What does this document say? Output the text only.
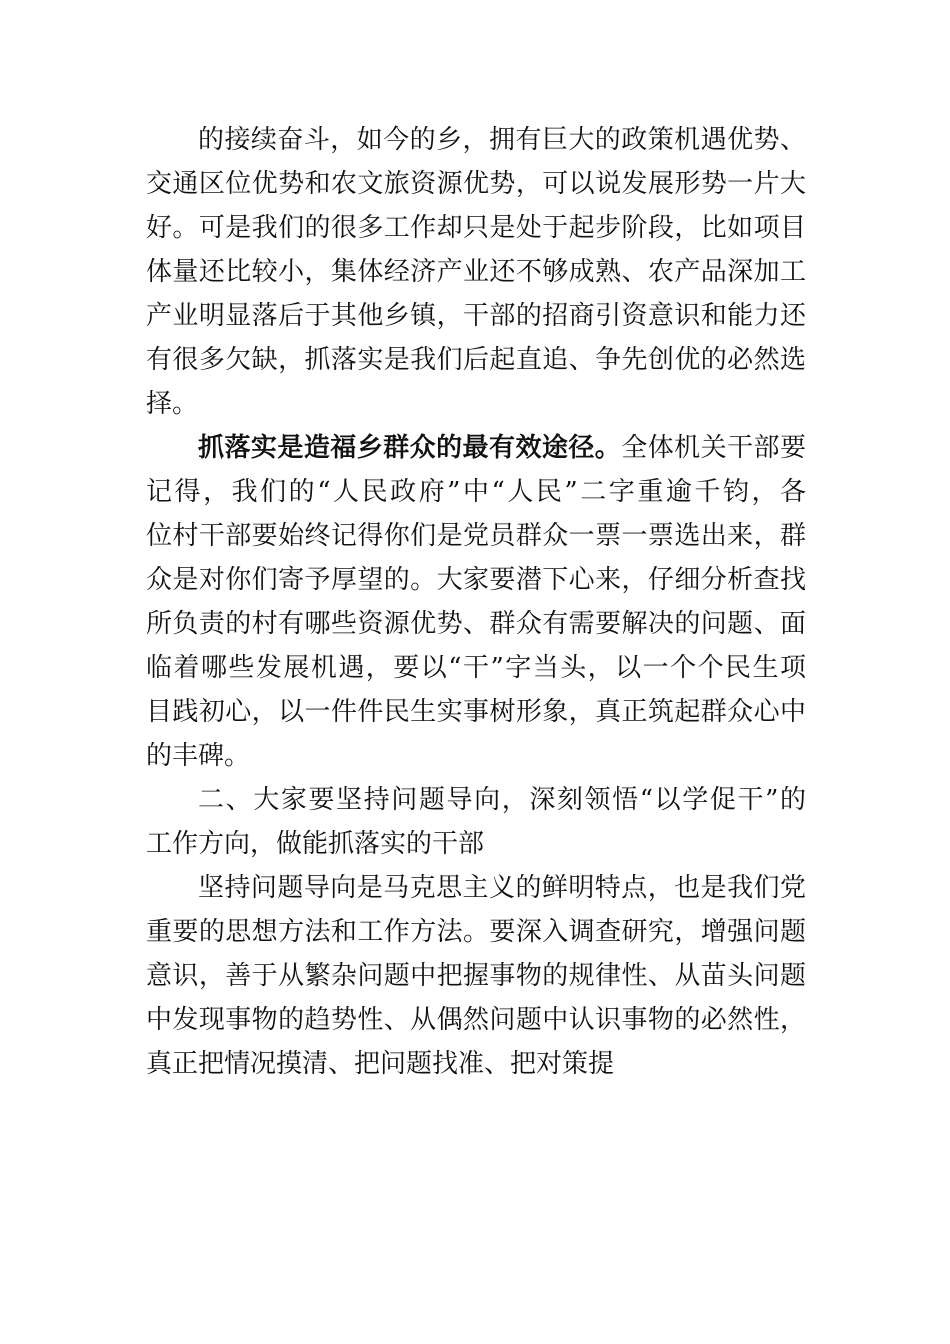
的接续奋斗，如今的乡，拥有巨大的政策机遇优势、
交通区位优势和农文旅资源优势，可以说发展形势一片大
好。可是我们的很多工作却只是处于起步阶段，比如项目
体量还比较小，集体经济产业还不够成熟、农产品深加工
产业明显落后于其他乡镇，干部的招商引资意识和能力还
有很多欠缺，抓落实是我们后起直追、争先创优的必然选
择。
抓落实是造福乡群众的最有效途径。全体机关干部要
记得，我们的“人民政府”中“人民”二字重逾千钧，各
位村干部要始终记得你们是党员群众一票一票选出来，群
众是对你们寄予厚望的。大家要潜下心来，仔细分析查找
所负责的村有哪些资源优势、群众有需要解决的问题、面
临着哪些发展机遇，要以“干”字当头，以一个个民生项
目践初心，以一件件民生实事树形象，真正筑起群众心中
的丰碑。
二、大家要坚持问题导向，深刻领悟“以学促干”的
工作方向，做能抓落实的干部
坚持问题导向是马克思主义的鲜明特点，也是我们党
重要的思想方法和工作方法。要深入调查研究，增强问题
意识，善于从繁杂问题中把握事物的规律性、从苗头问题
中发现事物的趋势性、从偶然问题中认识事物的必然性，
真正把情况摸清、把问题找准、把对策提
